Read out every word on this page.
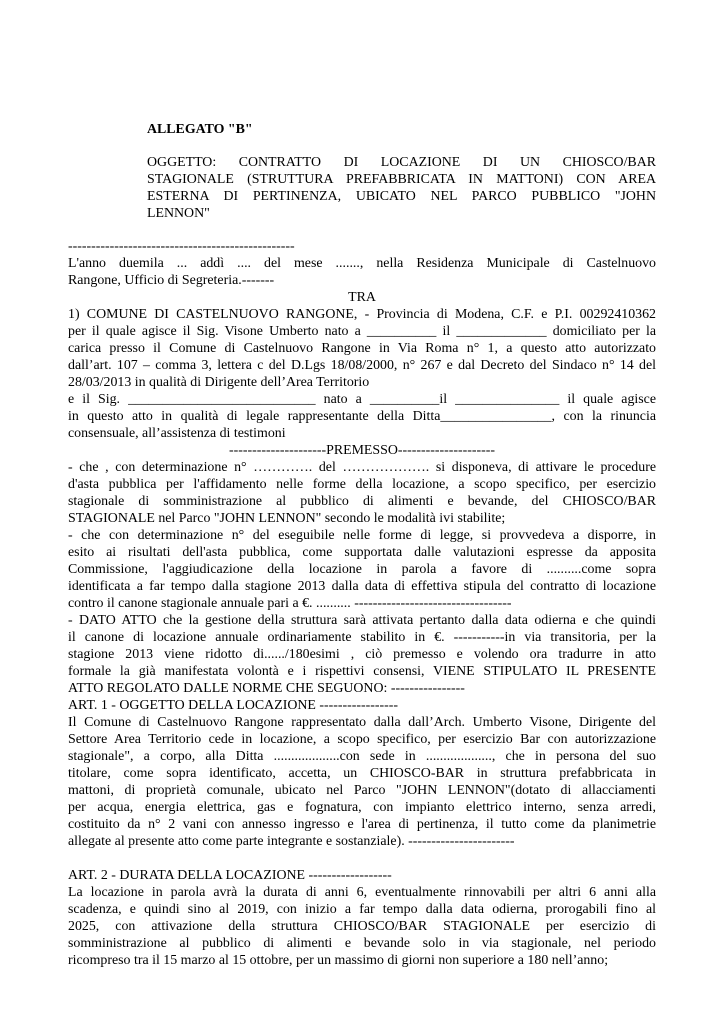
ALLEGATO "B"
OGGETTO: CONTRATTO DI LOCAZIONE DI UN CHIOSCO/BAR
STAGIONALE (STRUTTURA PREFABBRICATA IN MATTONI) CON AREA
ESTERNA DI PERTINENZA, UBICATO NEL PARCO PUBBLICO "JOHN
LENNON"
-------------------------------------------------
L'anno duemila ... addì .... del mese ......., nella Residenza Municipale di Castelnuovo
Rangone, Ufficio di Segreteria.-------
TRA
1) COMUNE DI CASTELNUOVO RANGONE, - Provincia di Modena, C.F. e P.I. 00292410362
per il quale agisce il Sig. Visone Umberto nato a __________ il _____________ domiciliato per la
carica presso il Comune di Castelnuovo Rangone in Via Roma n° 1, a questo atto autorizzato
dall’art. 107 – comma 3, lettera c del D.Lgs 18/08/2000, n° 267 e dal Decreto del Sindaco n° 14 del
28/03/2013 in qualità di Dirigente dell’Area Territorio
e il Sig. ___________________________ nato a __________il _______________ il quale agisce
in questo atto in qualità di legale rappresentante della Ditta________________, con la rinuncia
consensuale, all’assistenza di testimoni
---------------------PREMESSO---------------------
- che , con determinazione n° …………. del ………………. si disponeva, di attivare le procedure
d'asta pubblica per l'affidamento nelle forme della locazione, a scopo specifico, per esercizio
stagionale di somministrazione al pubblico di alimenti e bevande, del CHIOSCO/BAR
STAGIONALE nel Parco "JOHN LENNON" secondo le modalità ivi stabilite;
- che con determinazione n° del eseguibile nelle forme di legge, si provvedeva a disporre, in
esito ai risultati dell'asta pubblica, come supportata dalle valutazioni espresse da apposita
Commissione, l'aggiudicazione della locazione in parola a favore di ..........come sopra
identificata a far tempo dalla stagione 2013 dalla data di effettiva stipula del contratto di locazione
contro il canone stagionale annuale pari a €. .......... ----------------------------------
- DATO ATTO che la gestione della struttura sarà attivata pertanto dalla data odierna e che quindi
il canone di locazione annuale ordinariamente stabilito in €. -----------in via transitoria, per la
stagione 2013 viene ridotto di....../180esimi , ciò premesso e volendo ora tradurre in atto
formale la già manifestata volontà e i rispettivi consensi, VIENE STIPULATO IL PRESENTE
ATTO REGOLATO DALLE NORME CHE SEGUONO: ----------------
ART. 1 - OGGETTO DELLA LOCAZIONE -----------------
Il Comune di Castelnuovo Rangone rappresentato dalla dall’Arch. Umberto Visone, Dirigente del
Settore Area Territorio cede in locazione, a scopo specifico, per esercizio Bar con autorizzazione
stagionale", a corpo, alla Ditta ...................con sede in ..................., che in persona del suo
titolare, come sopra identificato, accetta, un CHIOSCO-BAR in struttura prefabbricata in
mattoni, di proprietà comunale, ubicato nel Parco "JOHN LENNON"(dotato di allacciamenti
per acqua, energia elettrica, gas e fognatura, con impianto elettrico interno, senza arredi,
costituito da n° 2 vani con annesso ingresso e l'area di pertinenza, il tutto come da planimetrie
allegate al presente atto come parte integrante e sostanziale). -----------------------
ART. 2 - DURATA DELLA LOCAZIONE ------------------
La locazione in parola avrà la durata di anni 6, eventualmente rinnovabili per altri 6 anni alla
scadenza, e quindi sino al 2019, con inizio a far tempo dalla data odierna, prorogabili fino al
2025, con attivazione della struttura CHIOSCO/BAR STAGIONALE per esercizio di
somministrazione al pubblico di alimenti e bevande solo in via stagionale, nel periodo
ricompreso tra il 15 marzo al 15 ottobre, per un massimo di giorni non superiore a 180 nell’anno;
